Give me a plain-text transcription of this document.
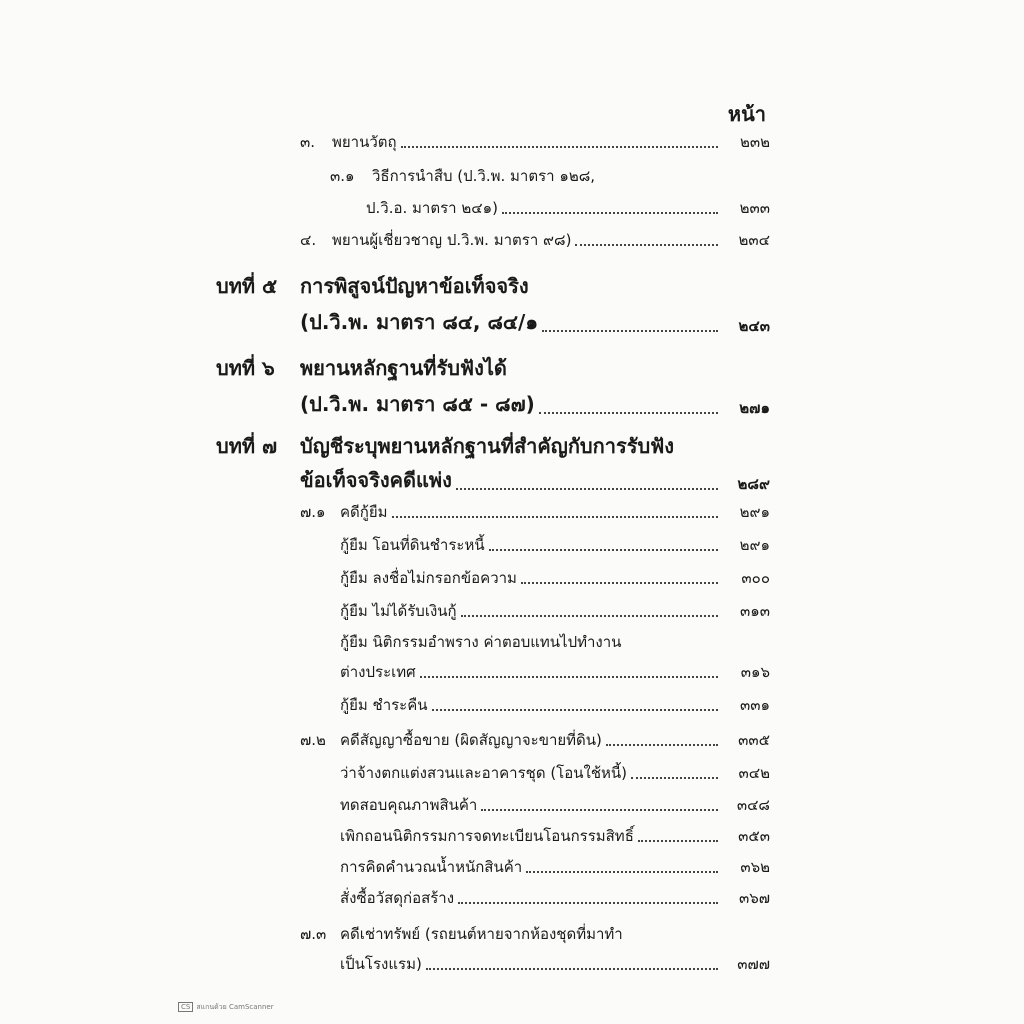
หน้า
๓.	พยานวัตถุ	๒๓๒
๓.๑	วิธีการนำสืบ (ป.วิ.พ. มาตรา ๑๒๘,
ป.วิ.อ. มาตรา ๒๔๑)	๒๓๓
๔.	พยานผู้เชี่ยวชาญ ป.วิ.พ. มาตรา ๙๘)	๒๓๔
บทที่ ๕	การพิสูจน์ปัญหาข้อเท็จจริง
(ป.วิ.พ. มาตรา ๘๔, ๘๔/๑	๒๔๓
บทที่ ๖	พยานหลักฐานที่รับฟังได้
(ป.วิ.พ. มาตรา ๘๕ - ๘๗)	๒๗๑
บทที่ ๗	บัญชีระบุพยานหลักฐานที่สำคัญกับการรับฟัง
ข้อเท็จจริงคดีแพ่ง	๒๘๙
๗.๑ คดีกู้ยืม	๒๙๑
กู้ยืม โอนที่ดินชำระหนี้	๒๙๑
กู้ยืม ลงชื่อไม่กรอกข้อความ	๓๐๐
กู้ยืม ไม่ได้รับเงินกู้	๓๑๓
กู้ยืม นิติกรรมอำพราง ค่าตอบแทนไปทำงาน
ต่างประเทศ	๓๑๖
กู้ยืม ชำระคืน	๓๓๑
๗.๒ คดีสัญญาซื้อขาย (ผิดสัญญาจะขายที่ดิน)	๓๓๕
ว่าจ้างตกแต่งสวนและอาคารชุด (โอนใช้หนี้)	๓๔๒
ทดสอบคุณภาพสินค้า	๓๔๘
เพิกถอนนิติกรรมการจดทะเบียนโอนกรรมสิทธิ์	๓๕๓
การคิดคำนวณน้ำหนักสินค้า	๓๖๒
สั่งซื้อวัสดุก่อสร้าง	๓๖๗
๗.๓ คดีเช่าทรัพย์ (รถยนต์หายจากห้องชุดที่มาทำ
เป็นโรงแรม)	๓๗๗
CS สแกนด้วย CamScanner
